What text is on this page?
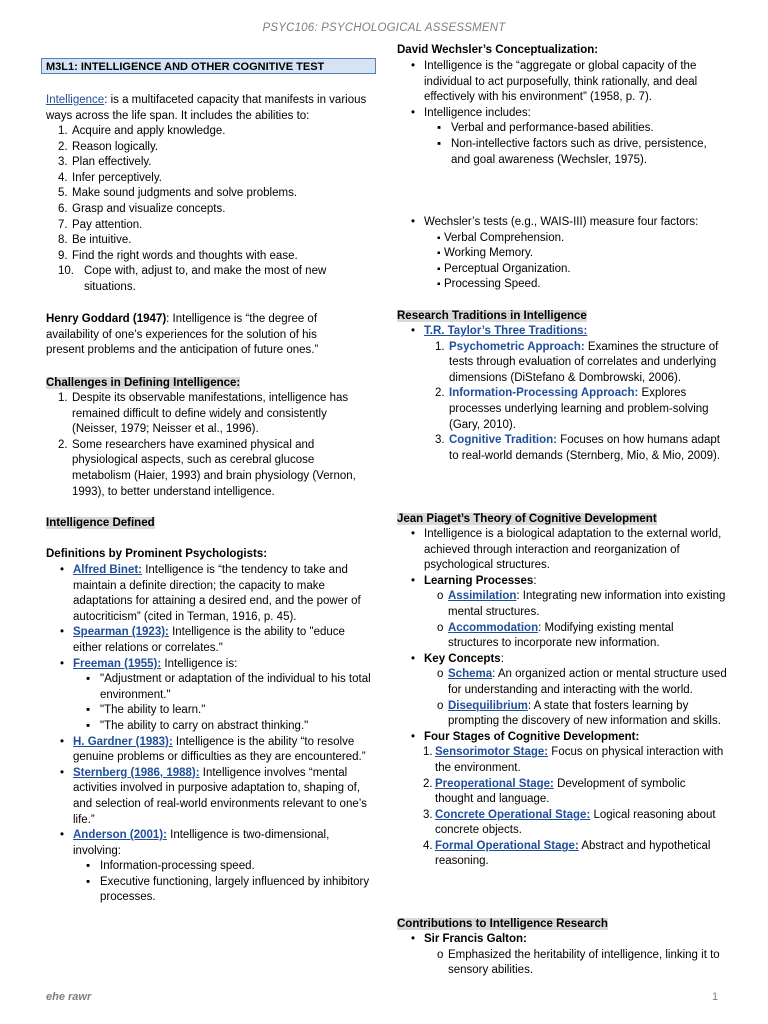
PSYC106: PSYCHOLOGICAL ASSESSMENT
M3L1: INTELLIGENCE AND OTHER COGNITIVE TEST

Intelligence: is a multifaceted capacity that manifests in various ways across the life span. It includes the abilities to:

1. Acquire and apply knowledge.
2. Reason logically.
3. Plan effectively.
4. Infer perceptively.
5. Make sound judgments and solve problems.
6. Grasp and visualize concepts.
7. Pay attention.
8. Be intuitive.
9. Find the right words and thoughts with ease.
10. Cope with, adjust to, and make the most of new situations.

Henry Goddard (1947): Intelligence is “the degree of availability of one’s experiences for the solution of his present problems and the anticipation of future ones.”

Challenges in Defining Intelligence:
1. Despite its observable manifestations, intelligence has remained difficult to define widely and consistently (Neisser, 1979; Neisser et al., 1996).
2. Some researchers have examined physical and physiological aspects, such as cerebral glucose metabolism (Haier, 1993) and brain physiology (Vernon, 1993), to better understand intelligence.
Intelligence Defined
Definitions by Prominent Psychologists:
• Alfred Binet: Intelligence is “the tendency to take and maintain a definite direction; the capacity to make adaptations for attaining a desired end, and the power of autocriticism” (cited in Terman, 1916, p. 45).
• Spearman (1923): Intelligence is the ability to "educe either relations or correlates."
• Freeman (1955): Intelligence is:
▪ "Adjustment or adaptation of the individual to his total environment."
▪ "The ability to learn."
▪ "The ability to carry on abstract thinking."
• H. Gardner (1983): Intelligence is the ability “to resolve genuine problems or difficulties as they are encountered.”
• Sternberg (1986, 1988): Intelligence involves “mental activities involved in purposive adaptation to, shaping of, and selection of real-world environments relevant to one’s life.”
• Anderson (2001): Intelligence is two-dimensional, involving:
▪ Information-processing speed.
▪ Executive functioning, largely influenced by inhibitory processes.
David Wechsler’s Conceptualization:
• Intelligence is the “aggregate or global capacity of the individual to act purposefully, think rationally, and deal effectively with his environment” (1958, p. 7).
• Intelligence includes:
▪ Verbal and performance-based abilities.
▪ Non-intellective factors such as drive, persistence, and goal awareness (Wechsler, 1975).
• Wechsler’s tests (e.g., WAIS-III) measure four factors:
▪ Verbal Comprehension.
▪ Working Memory.
▪ Perceptual Organization.
▪ Processing Speed.
Research Traditions in Intelligence
• T.R. Taylor’s Three Traditions:
1. Psychometric Approach: Examines the structure of tests through evaluation of correlates and underlying dimensions (DiStefano & Dombrowski, 2006).
2. Information-Processing Approach: Explores processes underlying learning and problem-solving (Gary, 2010).
3. Cognitive Tradition: Focuses on how humans adapt to real-world demands (Sternberg, Mio, & Mio, 2009).
Jean Piaget’s Theory of Cognitive Development
• Intelligence is a biological adaptation to the external world, achieved through interaction and reorganization of psychological structures.
• Learning Processes:
o Assimilation: Integrating new information into existing mental structures.
o Accommodation: Modifying existing mental structures to incorporate new information.
• Key Concepts:
o Schema: An organized action or mental structure used for understanding and interacting with the world.
o Disequilibrium: A state that fosters learning by prompting the discovery of new information and skills.
• Four Stages of Cognitive Development:
1. Sensorimotor Stage: Focus on physical interaction with the environment.
2. Preoperational Stage: Development of symbolic thought and language.
3. Concrete Operational Stage: Logical reasoning about concrete objects.
4. Formal Operational Stage: Abstract and hypothetical reasoning.
Contributions to Intelligence Research
• Sir Francis Galton:
o Emphasized the heritability of intelligence, linking it to sensory abilities.
ehe rawr	1
